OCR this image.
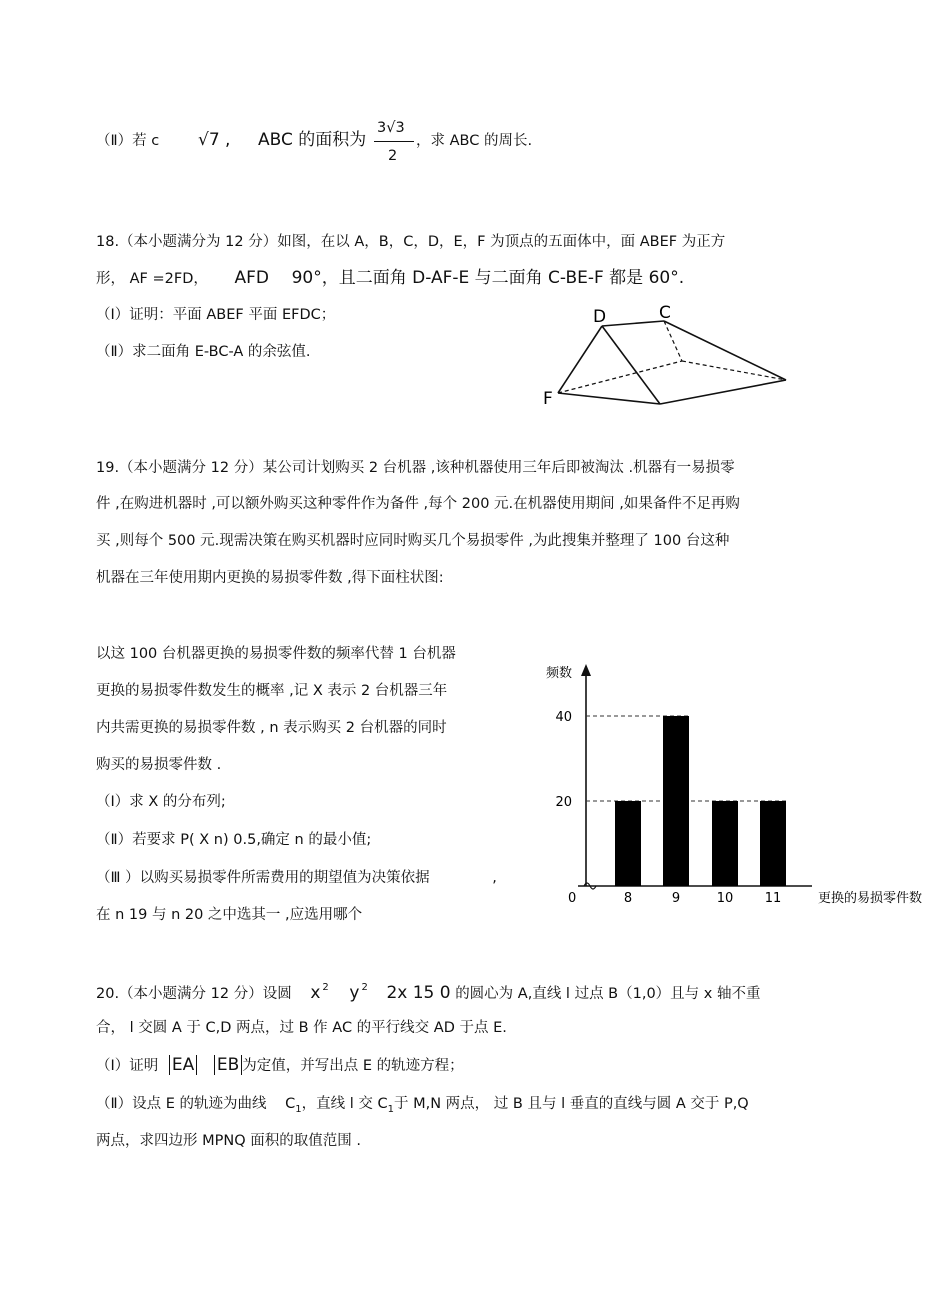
（Ⅱ）若 c √7 , ABC 的面积为
3√3
2
，求 ABC 的周长.
18.（本小题满分为 12 分）如图，在以 A，B，C，D，E，F 为顶点的五面体中，面 ABEF 为正方
形， AF =2FD， AFD 90°，且二面角 D-AF-E 与二面角 C-BE-F 都是 60°.
（I）证明：平面 ABEF 平面 EFDC；
（Ⅱ）求二面角 E-BC-A 的余弦值.
D	C
F
19.（本小题满分 12 分）某公司计划购买 2 台机器 ,该种机器使用三年后即被淘汰 .机器有一易损零
件 ,在购进机器时 ,可以额外购买这种零件作为备件 ,每个 200 元.在机器使用期间 ,如果备件不足再购
买 ,则每个 500 元.现需决策在购买机器时应同时购买几个易损零件 ,为此搜集并整理了 100 台这种
机器在三年使用期内更换的易损零件数 ,得下面柱状图:
以这 100 台机器更换的易损零件数的频率代替 1 台机器
更换的易损零件数发生的概率 ,记 X 表示 2 台机器三年
内共需更换的易损零件数 , n 表示购买 2 台机器的同时
购买的易损零件数 .
（I）求 X 的分布列;
（Ⅱ）若要求 P( X n) 0.5,确定 n 的最小值;
（Ⅲ ）以购买易损零件所需费用的期望值为决策依据	,
在 n 19 与 n 20 之中选其一 ,应选用哪个
频数
更换的易损零件数
0
20
40
8	9	10 11
20.（本小题满分 12 分）设圆 x $^2$ y $^2$ 2x 15 0 的圆心为 A,直线 l 过点 B（1,0）且与 x 轴不重
合， l 交圆 A 于 C,D 两点，过 B 作 AC 的平行线交 AD 于点 E.
（I）证明 EA EB 为定值，并写出点 E 的轨迹方程；
（Ⅱ）设点 E 的轨迹为曲线 $C_1$，直线 l 交 $C_1$于 M,N 两点， 过 B 且与 l 垂直的直线与圆 A 交于 P,Q
两点，求四边形 MPNQ 面积的取值范围 .
